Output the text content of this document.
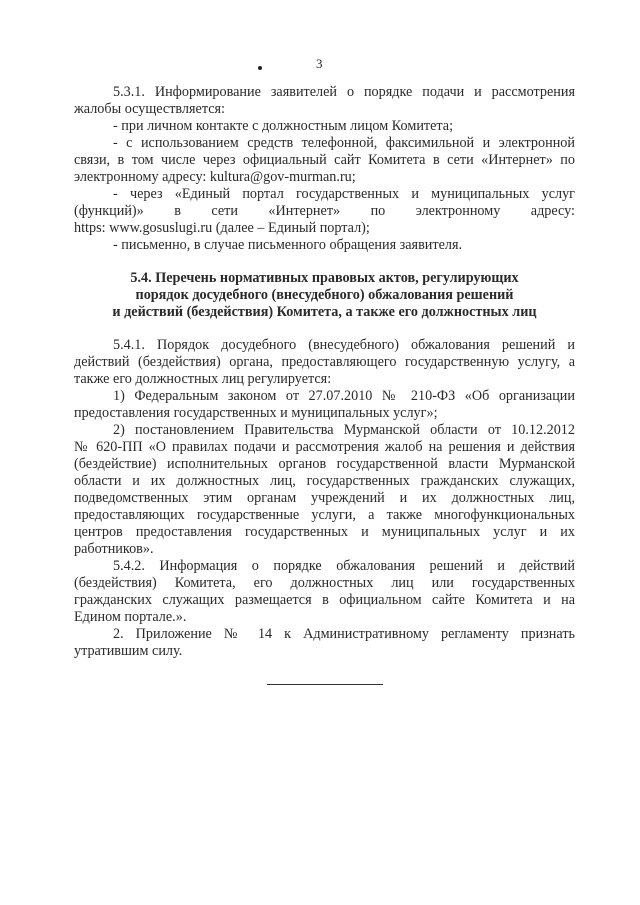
3
5.3.1. Информирование заявителей о порядке подачи и рассмотрения
жалобы осуществляется:
- при личном контакте с должностным лицом Комитета;
- с использованием средств телефонной, факсимильной и электронной
связи, в том числе через официальный сайт Комитета в сети «Интернет» по
электронному адресу: kultura@gov-murman.ru;
- через «Единый портал государственных и муниципальных услуг
(функций)» в сети «Интернет» по электронному адресу:
https: www.gosuslugi.ru (далее – Единый портал);
- письменно, в случае письменного обращения заявителя.
5.4. Перечень нормативных правовых актов, регулирующих
порядок досудебного (внесудебного) обжалования решений
и действий (бездействия) Комитета, а также его должностных лиц
5.4.1. Порядок досудебного (внесудебного) обжалования решений и
действий (бездействия) органа, предоставляющего государственную услугу, а
также его должностных лиц регулируется:
1) Федеральным законом от 27.07.2010 № 210-ФЗ «Об организации
предоставления государственных и муниципальных услуг»;
2) постановлением Правительства Мурманской области от 10.12.2012
№ 620-ПП «О правилах подачи и рассмотрения жалоб на решения и действия
(бездействие) исполнительных органов государственной власти Мурманской
области и их должностных лиц, государственных гражданских служащих,
подведомственных этим органам учреждений и их должностных лиц,
предоставляющих государственные услуги, а также многофункциональных
центров предоставления государственных и муниципальных услуг и их
работников».
5.4.2. Информация о порядке обжалования решений и действий
(бездействия) Комитета, его должностных лиц или государственных
гражданских служащих размещается в официальном сайте Комитета и на
Едином портале.».
2. Приложение № 14 к Административному регламенту признать
утратившим силу.
